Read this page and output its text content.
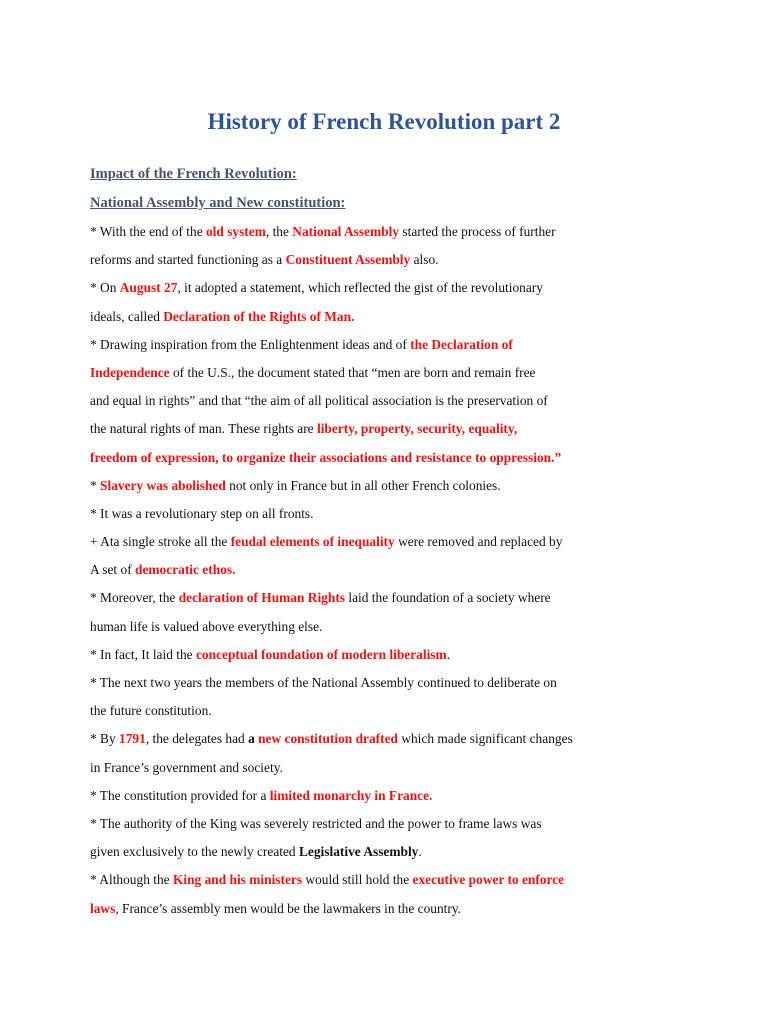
History of French Revolution part 2
Impact of the French Revolution:
National Assembly and New constitution:
* With the end of the old system, the National Assembly started the process of further
reforms and started functioning as a Constituent Assembly also.
* On August 27, it adopted a statement, which reflected the gist of the revolutionary
ideals, called Declaration of the Rights of Man.
* Drawing inspiration from the Enlightenment ideas and of the Declaration of
Independence of the U.S., the document stated that “men are born and remain free
and equal in rights” and that “the aim of all political association is the preservation of
the natural rights of man. These rights are liberty, property, security, equality,
freedom of expression, to organize their associations and resistance to oppression.”
* Slavery was abolished not only in France but in all other French colonies.
* It was a revolutionary step on all fronts.
+ Ata single stroke all the feudal elements of inequality were removed and replaced by
A set of democratic ethos.
* Moreover, the declaration of Human Rights laid the foundation of a society where
human life is valued above everything else.
* In fact, It laid the conceptual foundation of modern liberalism.
* The next two years the members of the National Assembly continued to deliberate on
the future constitution.
* By 1791, the delegates had a new constitution drafted which made significant changes
in France’s government and society.
* The constitution provided for a limited monarchy in France.
* The authority of the King was severely restricted and the power to frame laws was
given exclusively to the newly created Legislative Assembly.
* Although the King and his ministers would still hold the executive power to enforce
laws, France’s assembly men would be the lawmakers in the country.
